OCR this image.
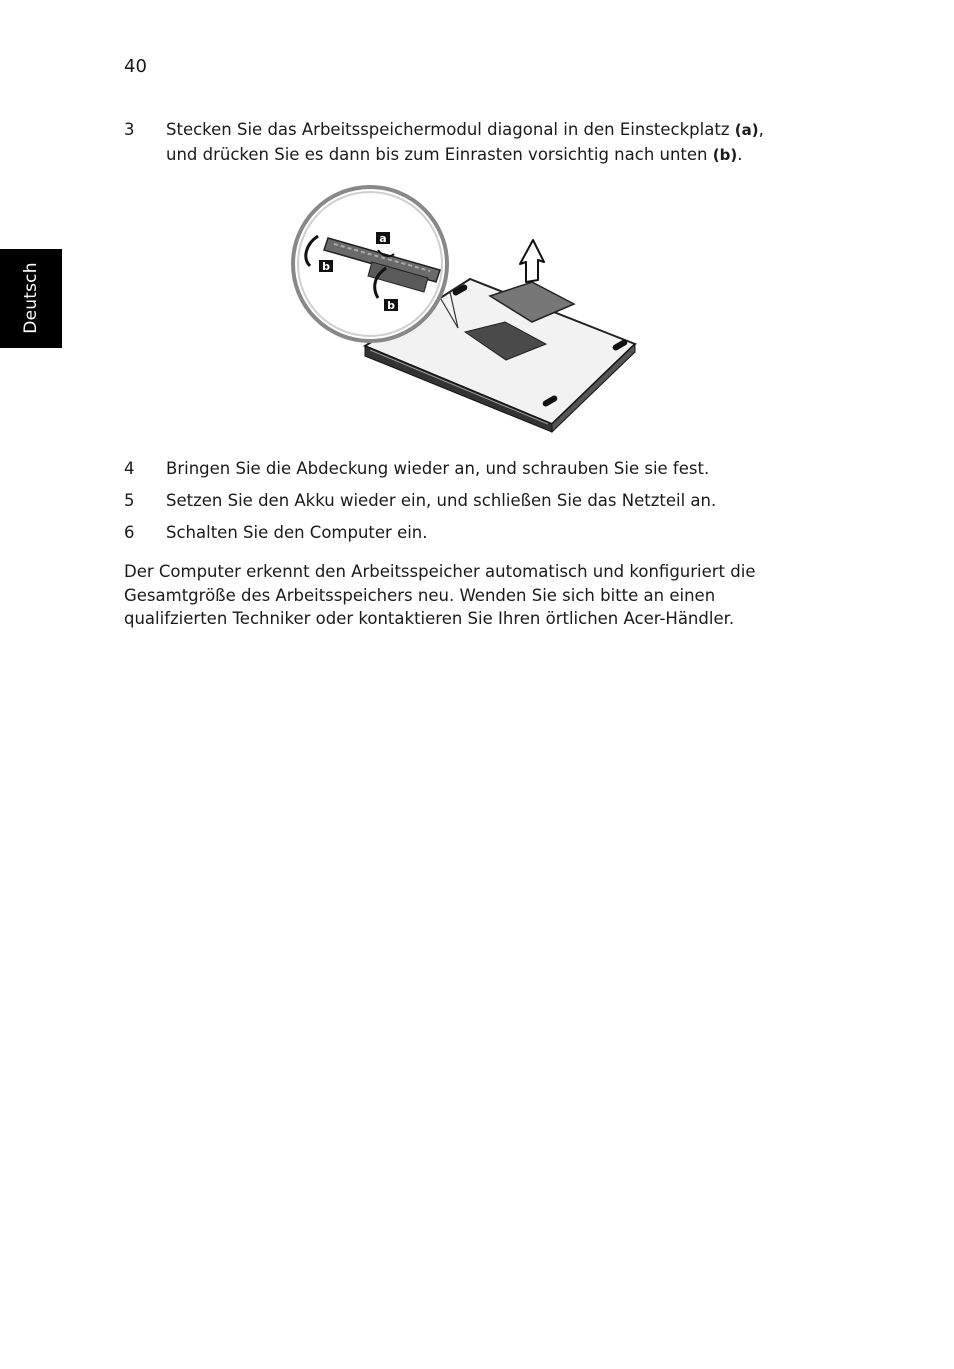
40
Deutsch
3 Stecken Sie das Arbeitsspeichermodul diagonal in den Einsteckplatz (a),
und drücken Sie es dann bis zum Einrasten vorsichtig nach unten (b).
a
b
b
4 Bringen Sie die Abdeckung wieder an, und schrauben Sie sie fest.
5 Setzen Sie den Akku wieder ein, und schließen Sie das Netzteil an.
6 Schalten Sie den Computer ein.
Der Computer erkennt den Arbeitsspeicher automatisch und konfiguriert die
Gesamtgröße des Arbeitsspeichers neu. Wenden Sie sich bitte an einen
qualifzierten Techniker oder kontaktieren Sie Ihren örtlichen Acer-Händler.
